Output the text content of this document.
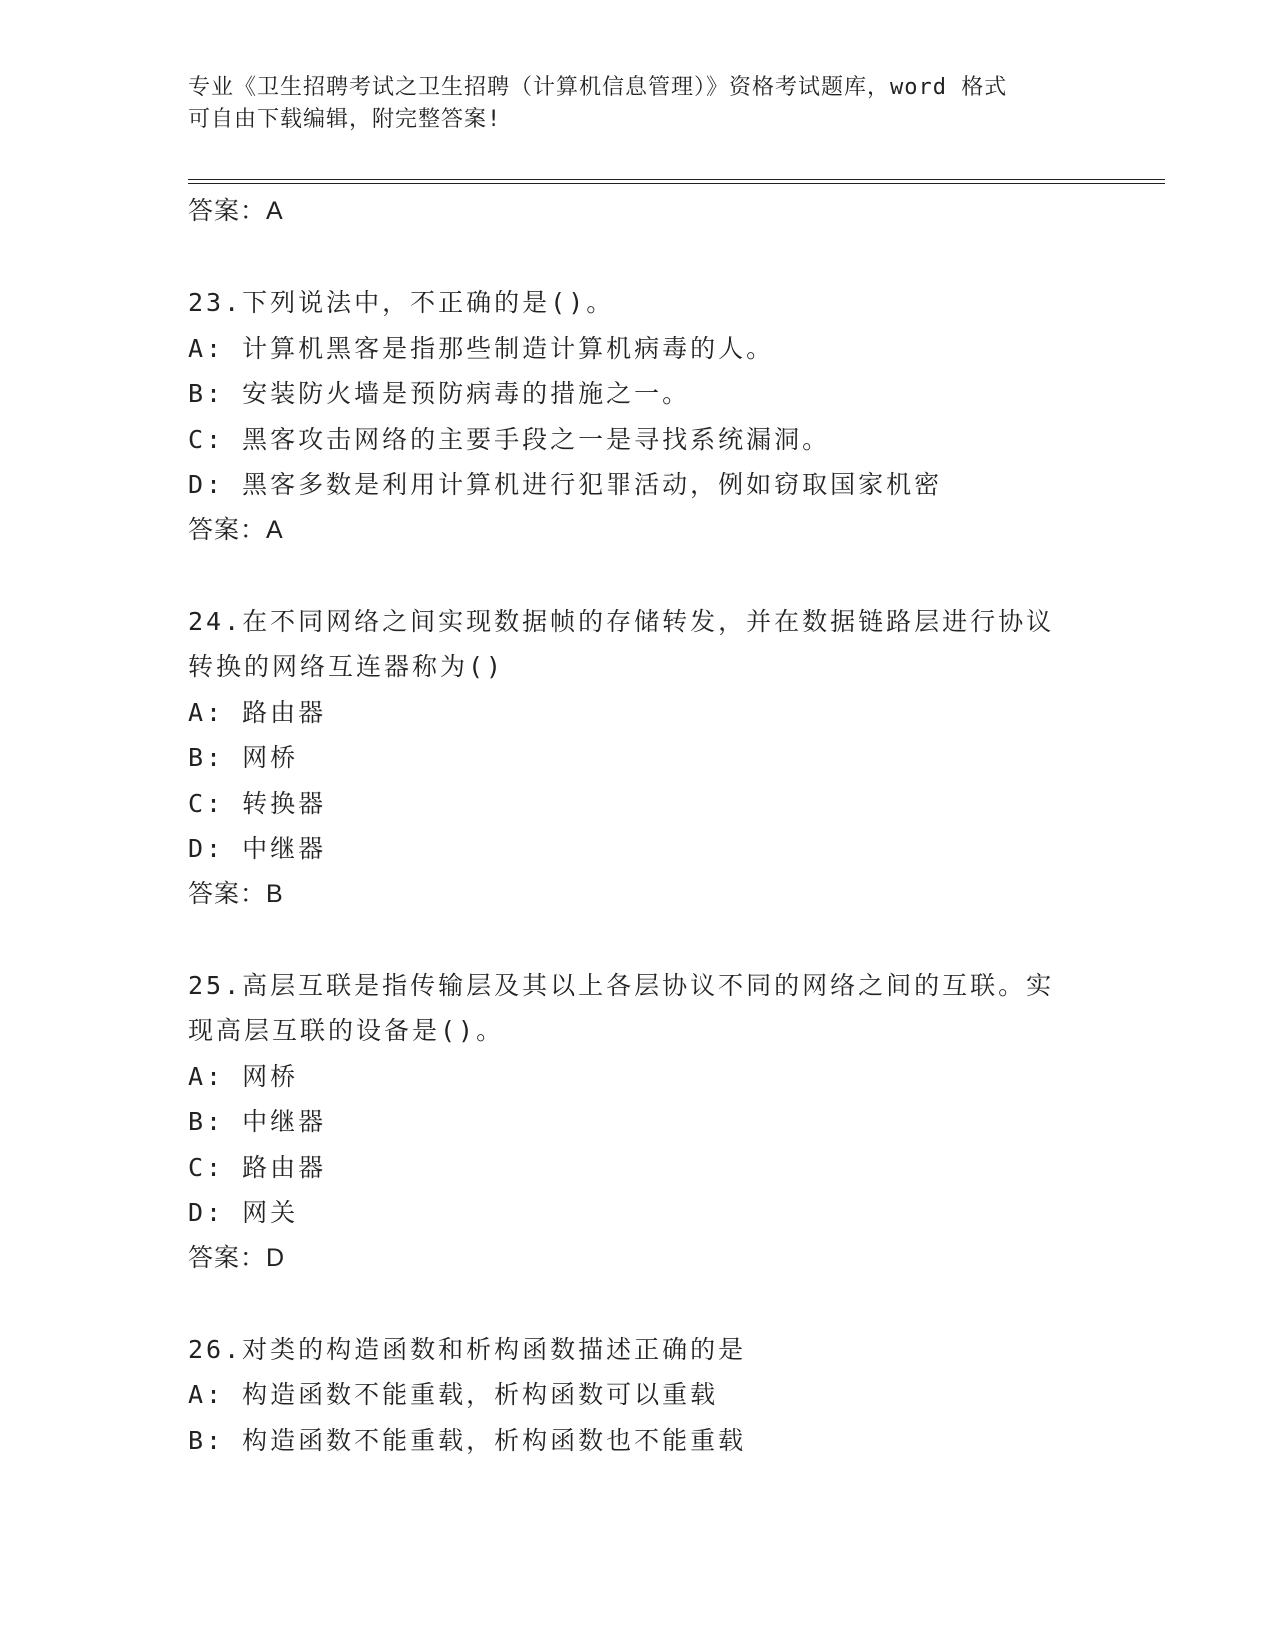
专业《卫生招聘考试之卫生招聘（计算机信息管理）》资格考试题库，word 格式
可自由下载编辑，附完整答案!
答案：A
23.下列说法中，不正确的是()。
A: 计算机黑客是指那些制造计算机病毒的人。
B: 安装防火墙是预防病毒的措施之一。
C: 黑客攻击网络的主要手段之一是寻找系统漏洞。
D: 黑客多数是利用计算机进行犯罪活动，例如窃取国家机密
答案：A
24.在不同网络之间实现数据帧的存储转发，并在数据链路层进行协议
转换的网络互连器称为()
A: 路由器
B: 网桥
C: 转换器
D: 中继器
答案：B
25.高层互联是指传输层及其以上各层协议不同的网络之间的互联。实
现高层互联的设备是()。
A: 网桥
B: 中继器
C: 路由器
D: 网关
答案：D
26.对类的构造函数和析构函数描述正确的是
A: 构造函数不能重载，析构函数可以重载
B: 构造函数不能重载，析构函数也不能重载
